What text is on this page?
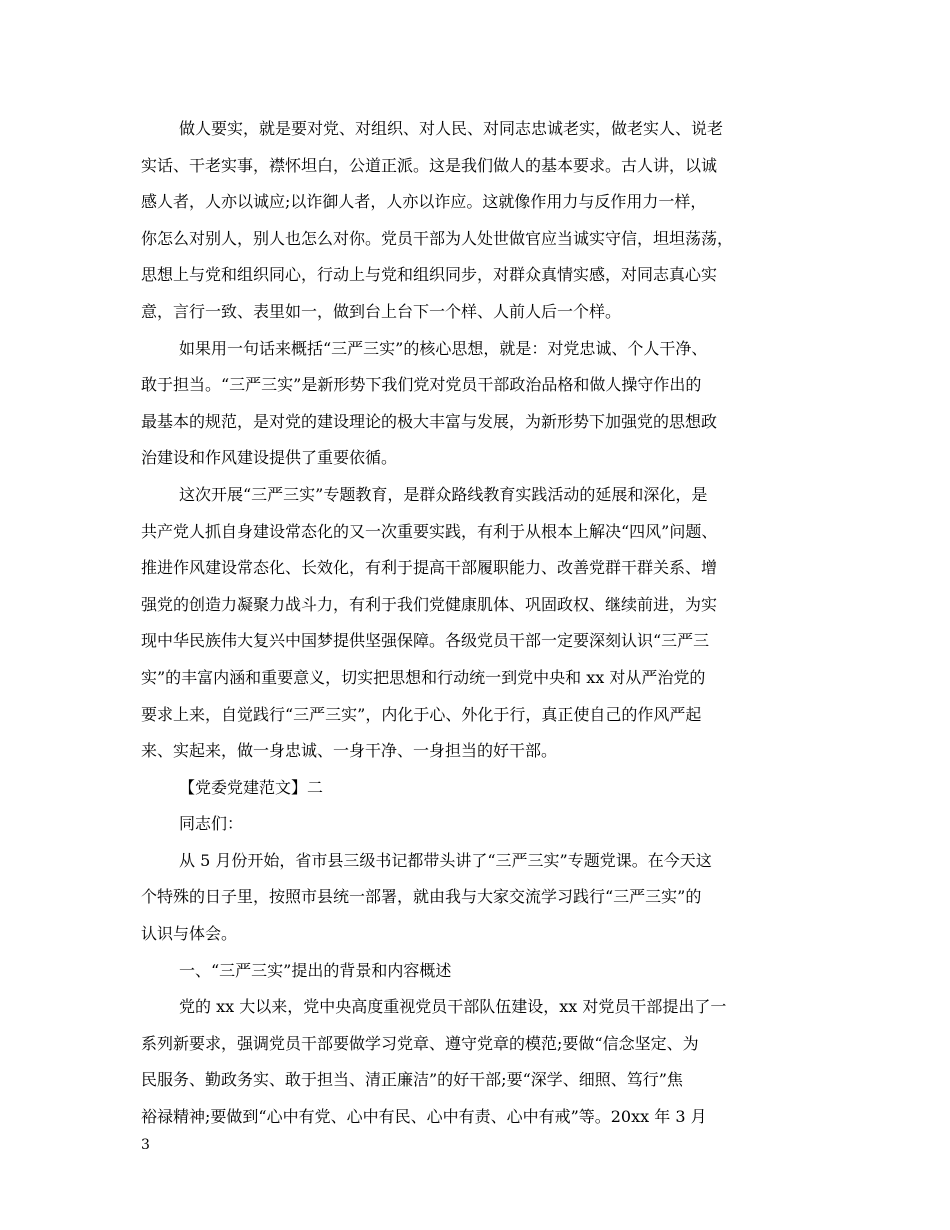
做人要实，就是要对党、对组织、对人民、对同志忠诚老实，做老实人、说老
实话、干老实事，襟怀坦白，公道正派。这是我们做人的基本要求。古人讲，以诚
感人者，人亦以诚应;以诈御人者，人亦以诈应。这就像作用力与反作用力一样，
你怎么对别人，别人也怎么对你。党员干部为人处世做官应当诚实守信，坦坦荡荡，
思想上与党和组织同心，行动上与党和组织同步，对群众真情实感，对同志真心实
意，言行一致、表里如一，做到台上台下一个样、人前人后一个样。
如果用一句话来概括“三严三实”的核心思想，就是：对党忠诚、个人干净、
敢于担当。“三严三实”是新形势下我们党对党员干部政治品格和做人操守作出的
最基本的规范，是对党的建设理论的极大丰富与发展，为新形势下加强党的思想政
治建设和作风建设提供了重要依循。
这次开展“三严三实”专题教育，是群众路线教育实践活动的延展和深化，是
共产党人抓自身建设常态化的又一次重要实践，有利于从根本上解决“四风”问题、
推进作风建设常态化、长效化，有利于提高干部履职能力、改善党群干群关系、增
强党的创造力凝聚力战斗力，有利于我们党健康肌体、巩固政权、继续前进，为实
现中华民族伟大复兴中国梦提供坚强保障。各级党员干部一定要深刻认识“三严三
实”的丰富内涵和重要意义，切实把思想和行动统一到党中央和 xx 对从严治党的
要求上来，自觉践行“三严三实”，内化于心、外化于行，真正使自己的作风严起
来、实起来，做一身忠诚、一身干净、一身担当的好干部。
【党委党建范文】二
同志们：
从 5 月份开始，省市县三级书记都带头讲了“三严三实”专题党课。在今天这
个特殊的日子里，按照市县统一部署，就由我与大家交流学习践行“三严三实”的
认识与体会。
一、“三严三实”提出的背景和内容概述
党的 xx 大以来，党中央高度重视党员干部队伍建设，xx 对党员干部提出了一
系列新要求，强调党员干部要做学习党章、遵守党章的模范;要做“信念坚定、为
民服务、勤政务实、敢于担当、清正廉洁”的好干部;要“深学、细照、笃行”焦
裕禄精神;要做到“心中有党、心中有民、心中有责、心中有戒”等。20xx 年 3 月
3
